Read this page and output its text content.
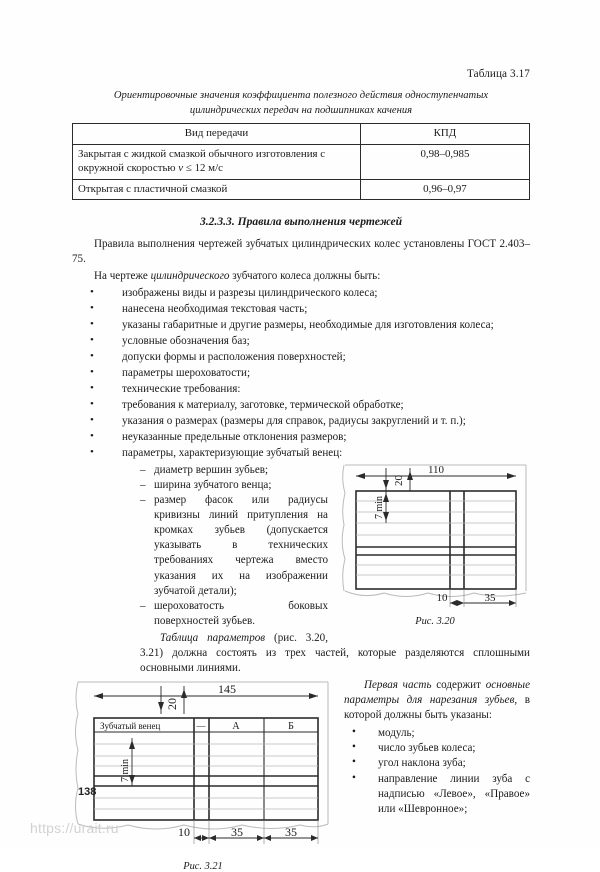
Таблица 3.17
Ориентировочные значения коэффициента полезного действия одноступенчатых цилиндрических передач на подшипниках качения
Вид передачи	КПД
Закрытая с жидкой смазкой обычного изготовления с
окружной скоростью v ≤ 12 м/с	0,98–0,985
Открытая с пластичной смазкой	0,96–0,97
3.2.3.3. Правила выполнения чертежей

Правила выполнения чертежей зубчатых цилиндрических колес установлены ГОСТ 2.403–75.

На чертеже цилиндрического зубчатого колеса должны быть:

• изображены виды и разрезы цилиндрического колеса;
• нанесена необходимая текстовая часть;
• указаны габаритные и другие размеры, необходимые для изготовления колеса;
• условные обозначения баз;
• допуски формы и расположения поверхностей;
• параметры шероховатости;
• технические требования:
• требования к материалу, заготовке, термической обработке;
• указания о размерах (размеры для справок, радиусы закруглений и т. п.);
• неуказанные предельные отклонения размеров;
• параметры, характеризующие зубчатый венец:
110
20
7 min
10	35
Рис. 3.20
– диаметр вершин зубьев;
– ширина зубчатого венца;
– размер фасок или радиусы кривизны линий притупления на кромках зубьев (допускается указывать в технических требованиях чертежа вместо указания их на изображении зубчатой детали);
– шероховатость боковых поверхностей зубьев.

Таблица параметров (рис. 3.20, 3.21) должна состоять из трех частей, которые разделяются сплошными основными линиями.

Первая часть содержит основные параметры для нарезания зубьев, в которой должны быть указаны:

• модуль;
• число зубьев колеса;
• угол наклона зуба;
• направление линии зуба с надписью «Левое», «Правое» или «Шевронное»;
145
20
Зубчатый венец	—	А	Б
7 min
10	35	35
Рис. 3.21
138
https://urait.ru
